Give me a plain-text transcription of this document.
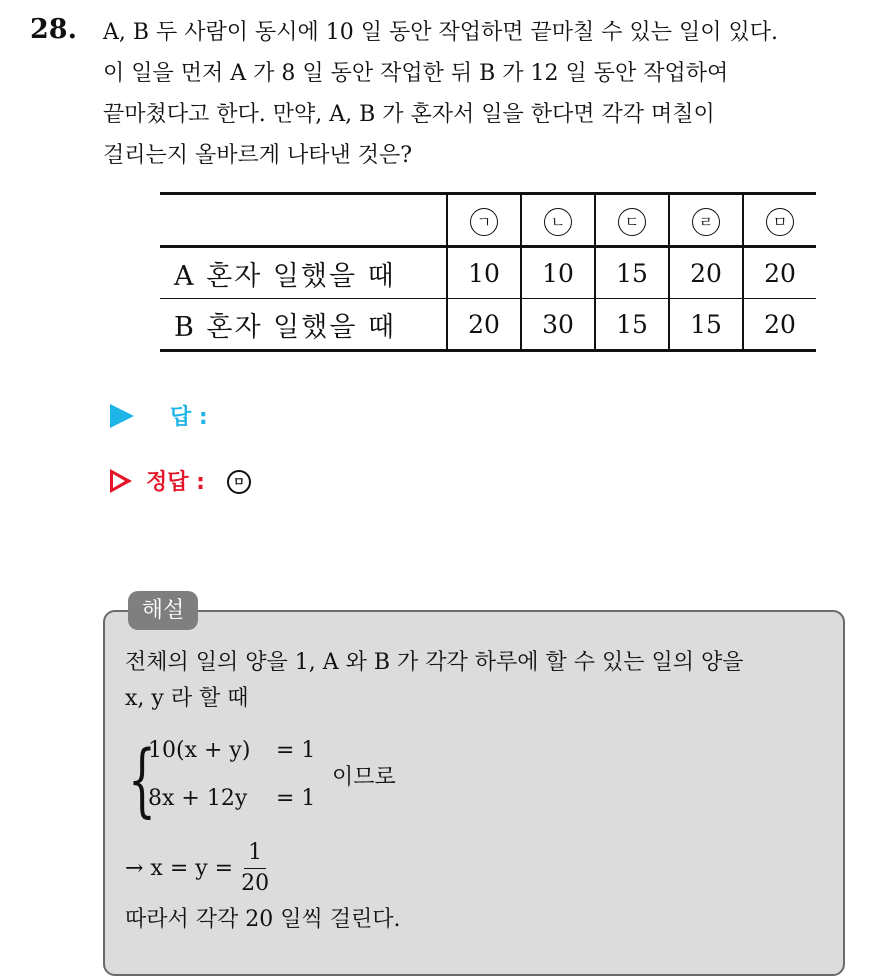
28. A, B 두 사람이 동시에 10 일 동안 작업하면 끝마칠 수 있는 일이 있다.
이 일을 먼저 A 가 8 일 동안 작업한 뒤 B 가 12 일 동안 작업하여
끝마쳤다고 한다. 만약, A, B 가 혼자서 일을 한다면 각각 며칠이
걸리는지 올바르게 나타낸 것은?
	ㄱ	ㄴ	ㄷ	ㄹ	ㅁ
A 혼자 일했을 때	10	10	15	20	20
B 혼자 일했을 때	20	30	15	15	20
답 :
정답 :	ㅁ
해설
전체의 일의 양을 1, A 와 B 가 각각 하루에 할 수 있는 일의 양을
x, y 라 할 때
{
10(x + y) = 1
8x + 12y = 1
이므로
→ $x = y = \frac{1}{20}$
따라서 각각 20 일씩 걸린다.
